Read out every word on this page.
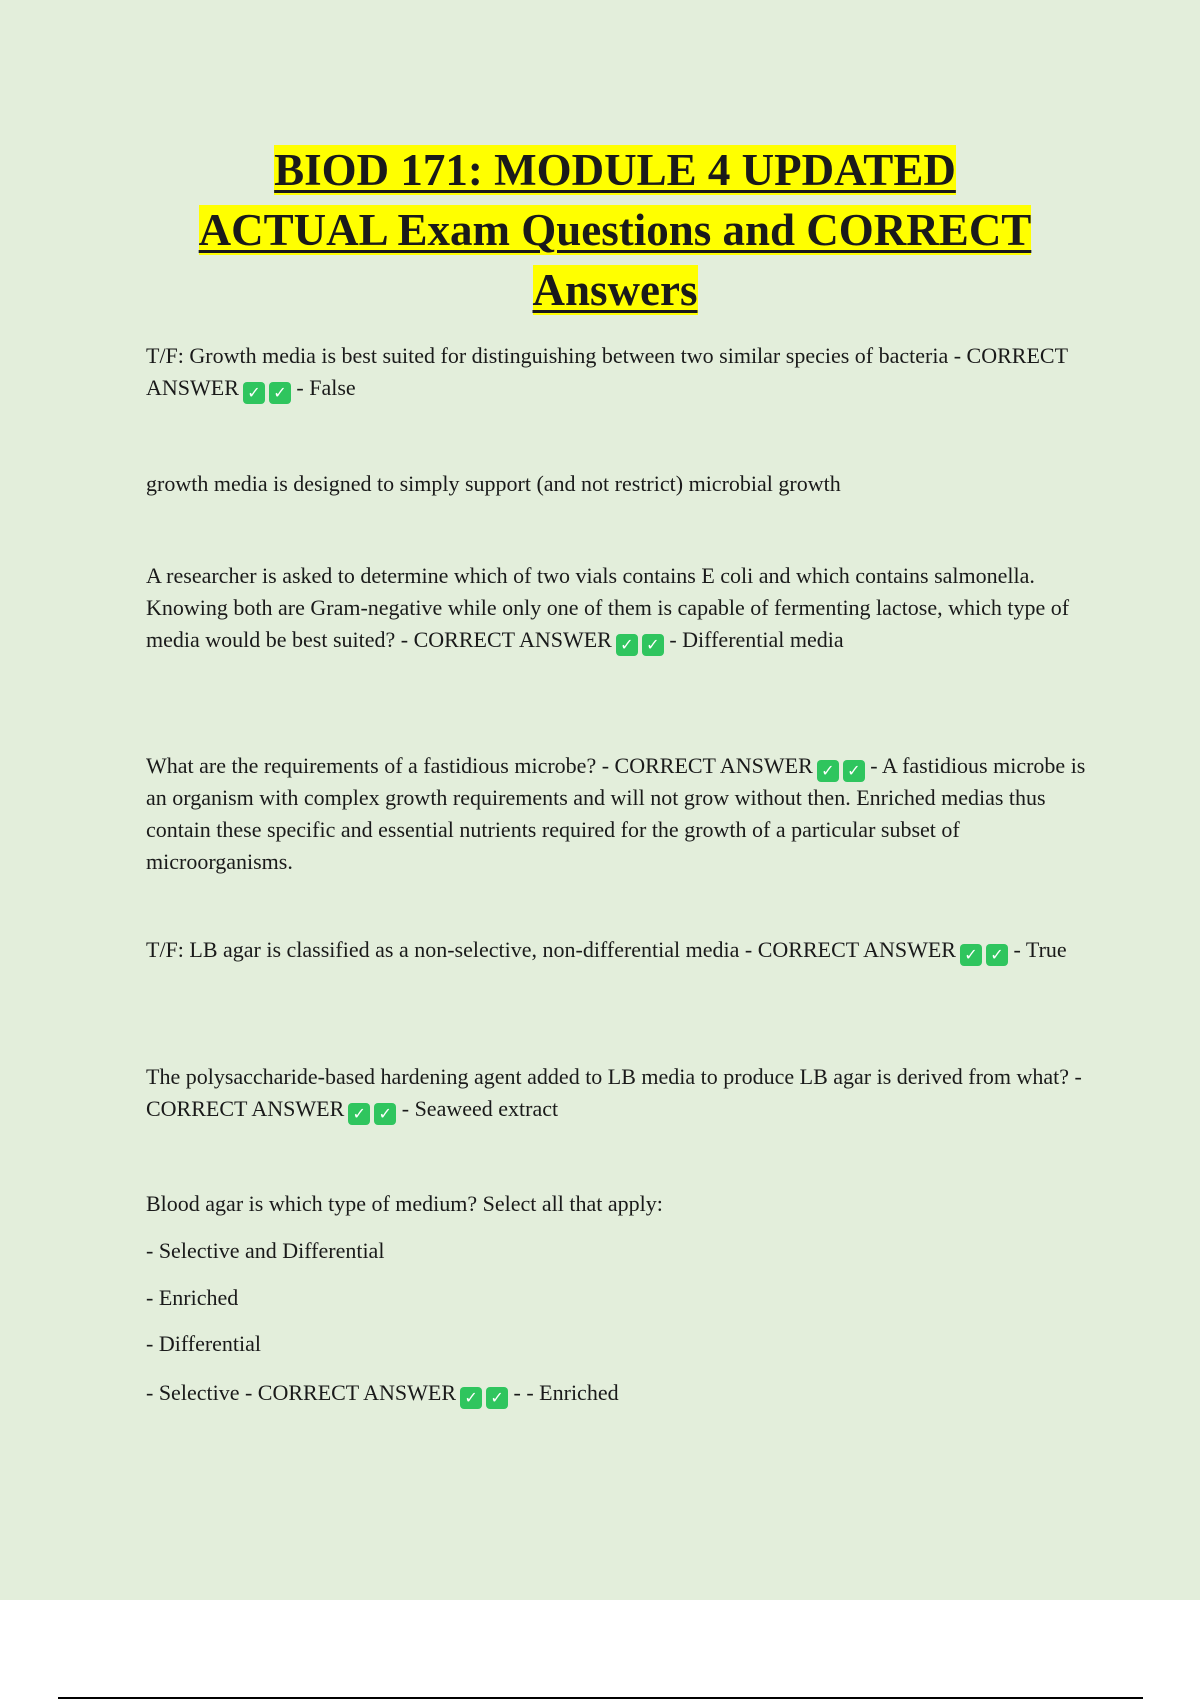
BIOD 171: MODULE 4 UPDATED
ACTUAL Exam Questions and CORRECT
Answers
T/F: Growth media is best suited for distinguishing between two similar species of bacteria - CORRECT ANSWER ✓ ✓ - False
growth media is designed to simply support (and not restrict) microbial growth
A researcher is asked to determine which of two vials contains E coli and which contains salmonella. Knowing both are Gram-negative while only one of them is capable of fermenting lactose, which type of media would be best suited? - CORRECT ANSWER ✓ ✓ - Differential media
What are the requirements of a fastidious microbe? - CORRECT ANSWER ✓ ✓ - A fastidious microbe is an organism with complex growth requirements and will not grow without then. Enriched medias thus contain these specific and essential nutrients required for the growth of a particular subset of microorganisms.
T/F: LB agar is classified as a non-selective, non-differential media - CORRECT ANSWER ✓ ✓ - True
The polysaccharide-based hardening agent added to LB media to produce LB agar is derived from what? - CORRECT ANSWER ✓ ✓ - Seaweed extract
Blood agar is which type of medium? Select all that apply:
- Selective and Differential
- Enriched
- Differential
- Selective - CORRECT ANSWER ✓ ✓ - - Enriched
